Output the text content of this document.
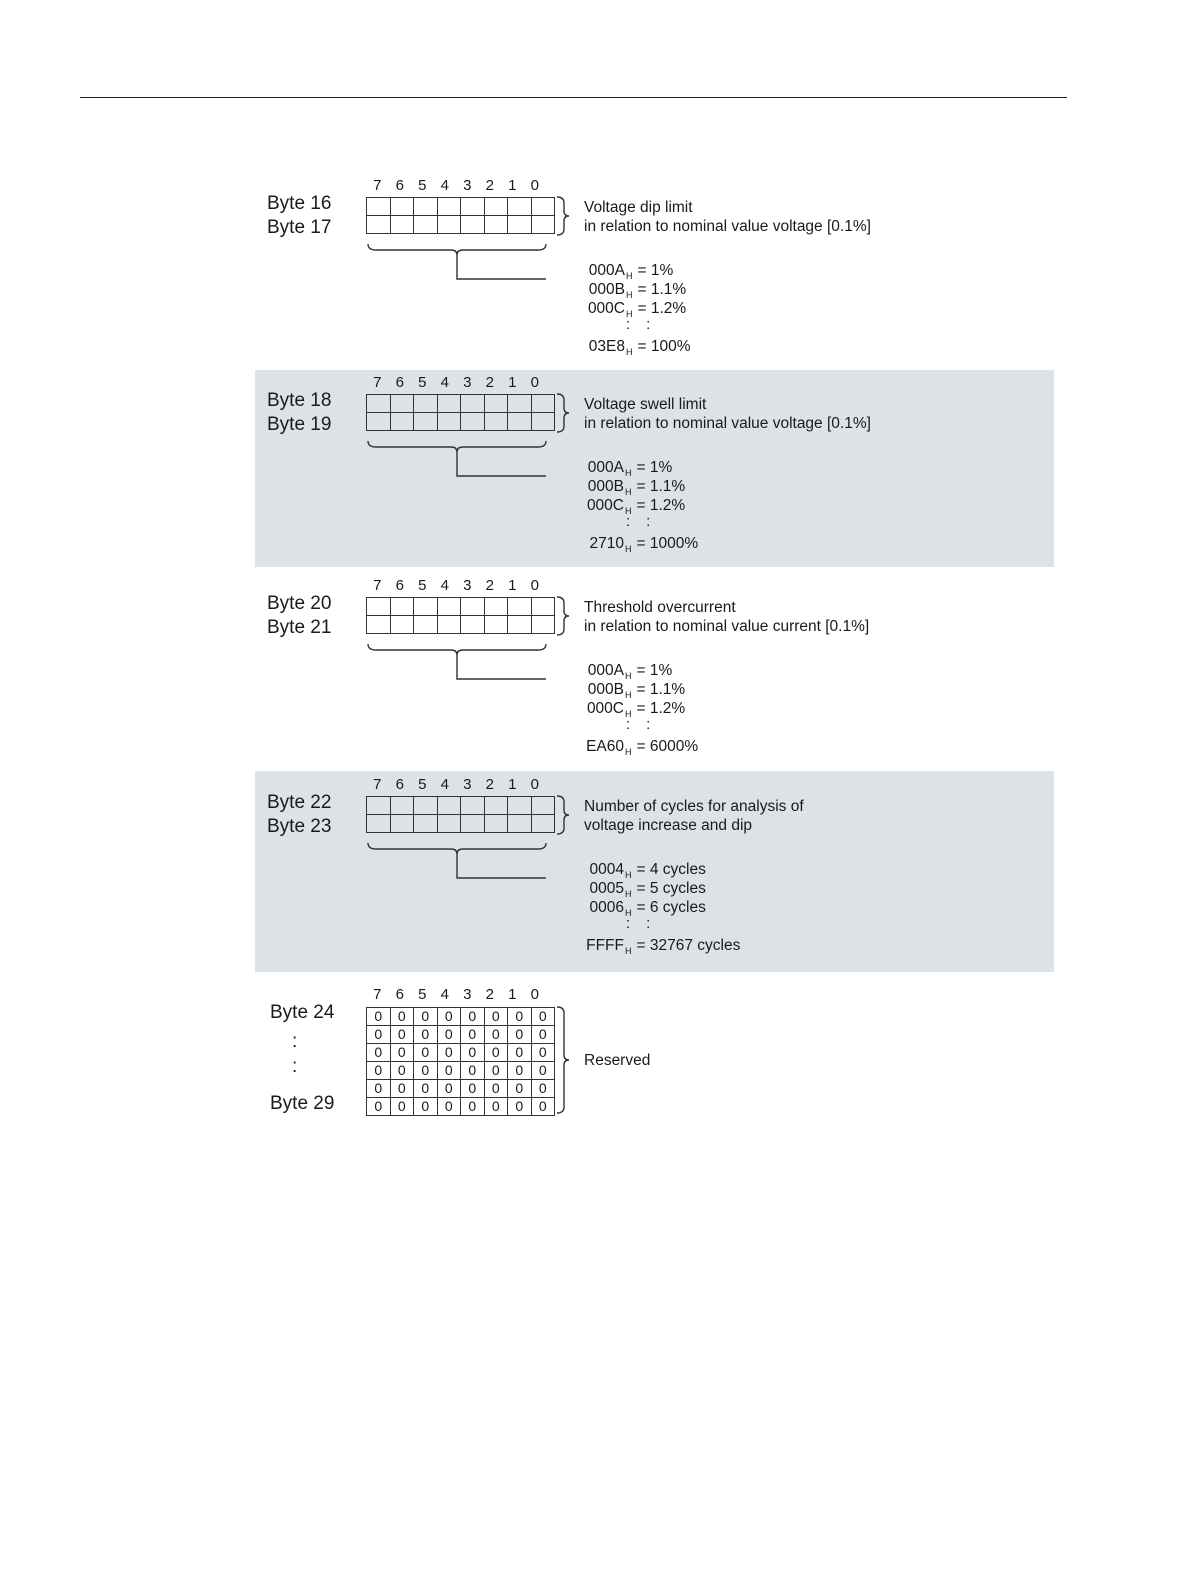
7 6 5 4 3 2 1 0

Byte 16
Byte 17
Voltage dip limit
in relation to nominal value voltage [0.1%]
$000A_H = 1\%$
$000B_H = 1.1\%$
$000C_H = 1.2\%$
$03E8_H = 100\%$
: :
7 6 5 4 3 2 1 0

Byte 18
Byte 19
Voltage swell limit
in relation to nominal value voltage [0.1%]
$000A_H = 1\%$
$000B_H = 1.1\%$
$000C_H = 1.2\%$
$2710_H = 1000\%$
: :
7 6 5 4 3 2 1 0

Byte 20
Byte 21
Threshold overcurrent
in relation to nominal value current [0.1%]
$000A_H = 1\%$
$000B_H = 1.1\%$
$000C_H = 1.2\%$
$EA60_H = 6000\%$
: :
7 6 5 4 3 2 1 0

Byte 22
Byte 23
Number of cycles for analysis of
voltage increase and dip
$0004_H = 4$ cycles
$0005_H = 5$ cycles
$0006_H = 6$ cycles
$FFFF_H = 32767$ cycles
: :
7 6 5 4 3 2 1 0
0	0	0	0	0	0	0	0
0	0	0	0	0	0	0	0
0	0	0	0	0	0	0	0
0	0	0	0	0	0	0	0
0	0	0	0	0	0	0	0
0	0	0	0	0	0	0	0
Byte 24
:
:
Byte 29
Reserved
